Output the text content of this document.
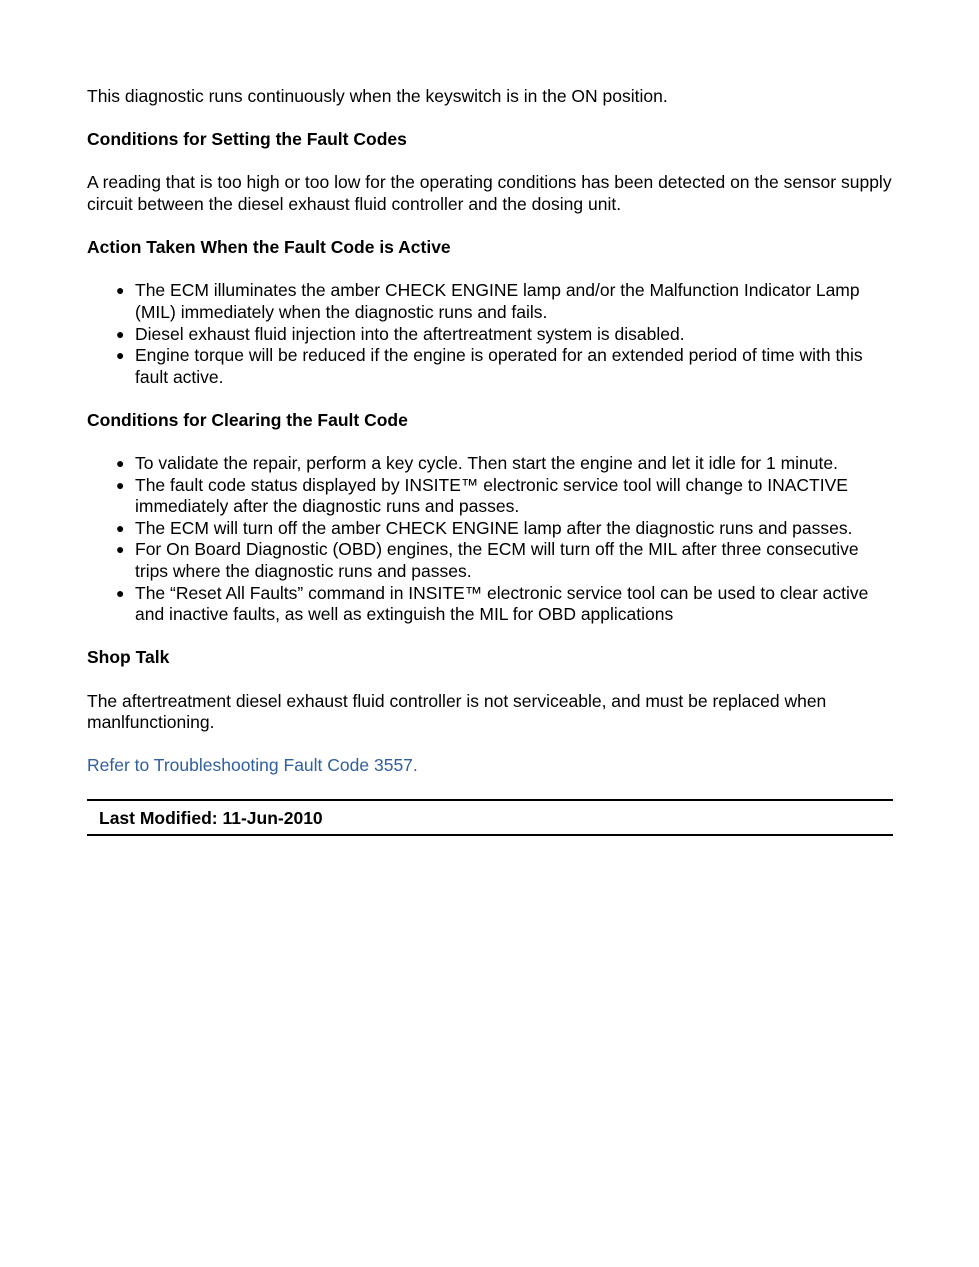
This diagnostic runs continuously when the keyswitch is in the ON position.

Conditions for Setting the Fault Codes

A reading that is too high or too low for the operating conditions has been detected on the sensor supply circuit between the diesel exhaust fluid controller and the dosing unit.

Action Taken When the Fault Code is Active
● The ECM illuminates the amber CHECK ENGINE lamp and/or the Malfunction Indicator Lamp (MIL) immediately when the diagnostic runs and fails.
● Diesel exhaust fluid injection into the aftertreatment system is disabled.
● Engine torque will be reduced if the engine is operated for an extended period of time with this fault active.
Conditions for Clearing the Fault Code
● To validate the repair, perform a key cycle. Then start the engine and let it idle for 1 minute.
● The fault code status displayed by INSITE™ electronic service tool will change to INACTIVE immediately after the diagnostic runs and passes.
● The ECM will turn off the amber CHECK ENGINE lamp after the diagnostic runs and passes.
● For On Board Diagnostic (OBD) engines, the ECM will turn off the MIL after three consecutive trips where the diagnostic runs and passes.
● The “Reset All Faults” command in INSITE™ electronic service tool can be used to clear active and inactive faults, as well as extinguish the MIL for OBD applications
Shop Talk

The aftertreatment diesel exhaust fluid controller is not serviceable, and must be replaced when manlfunctioning.

Refer to Troubleshooting Fault Code 3557.

Last Modified: 11-Jun-2010
